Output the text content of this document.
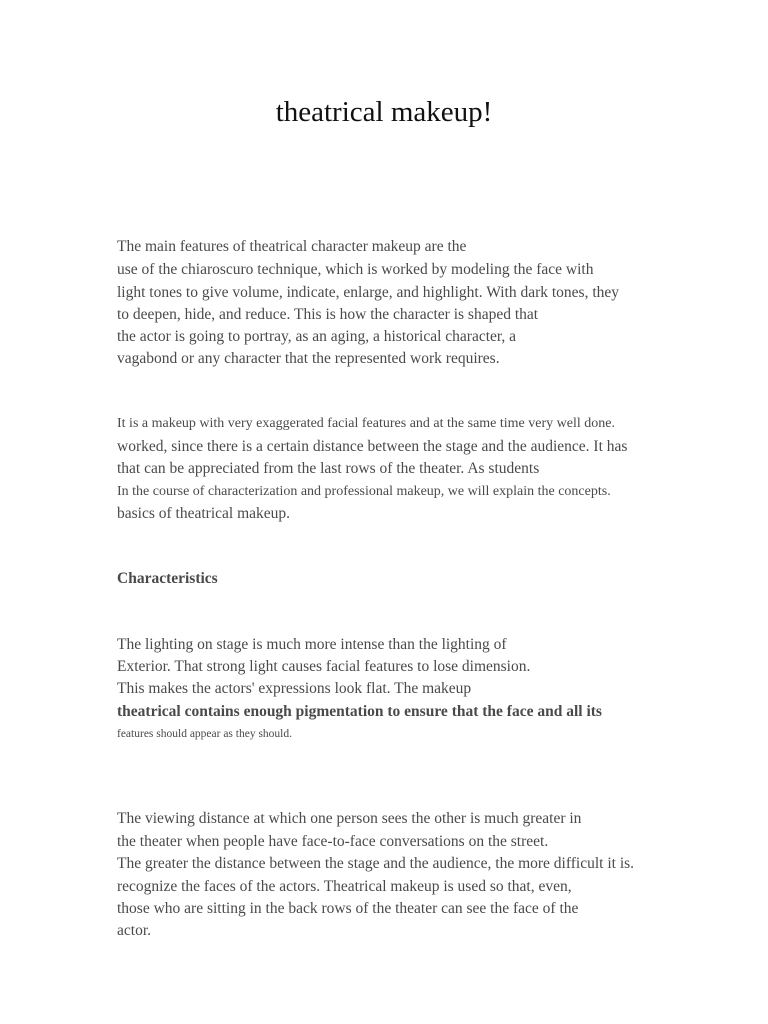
theatrical makeup!
The main features of theatrical character makeup are the
use of the chiaroscuro technique, which is worked by modeling the face with
light tones to give volume, indicate, enlarge, and highlight. With dark tones, they
to deepen, hide, and reduce. This is how the character is shaped that
the actor is going to portray, as an aging, a historical character, a
vagabond or any character that the represented work requires.
It is a makeup with very exaggerated facial features and at the same time very well done.
worked, since there is a certain distance between the stage and the audience. It has
that can be appreciated from the last rows of the theater. As students
In the course of characterization and professional makeup, we will explain the concepts.
basics of theatrical makeup.
Characteristics
The lighting on stage is much more intense than the lighting of
Exterior. That strong light causes facial features to lose dimension.
This makes the actors' expressions look flat. The makeup
theatrical contains enough pigmentation to ensure that the face and all its
features should appear as they should.
The viewing distance at which one person sees the other is much greater in
the theater when people have face-to-face conversations on the street.
The greater the distance between the stage and the audience, the more difficult it is.
recognize the faces of the actors. Theatrical makeup is used so that, even,
those who are sitting in the back rows of the theater can see the face of the
actor.
